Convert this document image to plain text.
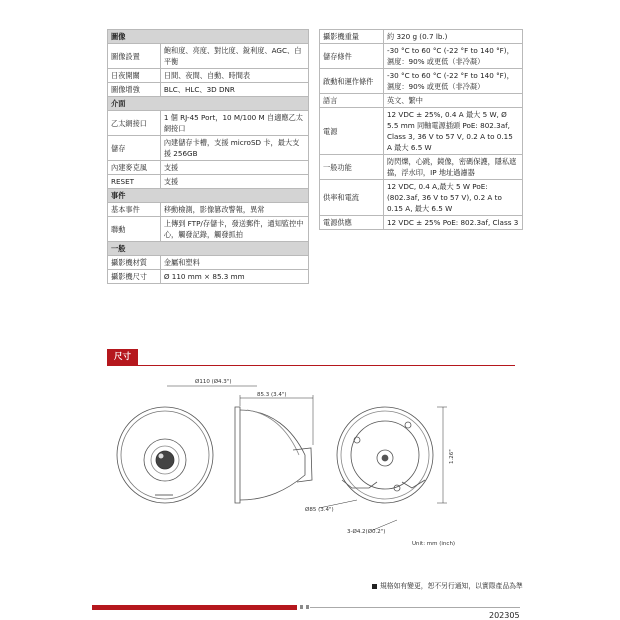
圖像	
圖像設置	飽和度、亮度、對比度、銳利度、AGC、白平衡
日夜開關	日間、夜間、自動、時間表
圖像增強	BLC、HLC、3D DNR
介面	
乙太網接口	1 個 RJ-45 Port，10 M/100 M 自適應乙太網接口
儲存	內建儲存卡槽，支援 microSD 卡，最大支援 256GB
內建麥克風	支援
RESET	支援
事件	
基本事件	移動檢測，影像篡改警報，異常
聯動	上傳到 FTP/存儲卡，發送郵件，通知監控中心，觸發記錄，觸發抓拍
一般	
攝影機材質	金屬和塑料
攝影機尺寸	Ø 110 mm × 85.3 mm
攝影機重量	約 320 g (0.7 lb.)
儲存條件	-30 °C to 60 °C (-22 °F to 140 °F)，濕度：90% 或更低（非冷凝）
啟動和運作條件	-30 °C to 60 °C (-22 °F to 140 °F)，濕度：90% 或更低（非冷凝）
語言	英文、繁中
電源	12 VDC ± 25%, 0.4 A 最大 5 W, Ø 5.5 mm 同軸電源插頭 PoE: 802.3af, Class 3, 36 V to 57 V, 0.2 A to 0.15 A 最大 6.5 W
一般功能	防閃爍，心跳，鏡像，密碼保護，隱私遮擋，浮水印，IP 地址過濾器
供率和電流	12 VDC, 0.4 A,最大 5 W PoE: (802.3af, 36 V to 57 V), 0.2 A to 0.15 A, 最大 6.5 W
電源供應	12 VDC ± 25% PoE: 802.3af, Class 3
尺寸
Ø110 (Ø4.3")
85.3 (3.4")
Ø85 (3.4")
3-Ø4.2(Ø0.2")
1.26"
Unit: mm (inch)
規格如有變更，恕不另行通知，以實際產品為準
202305
